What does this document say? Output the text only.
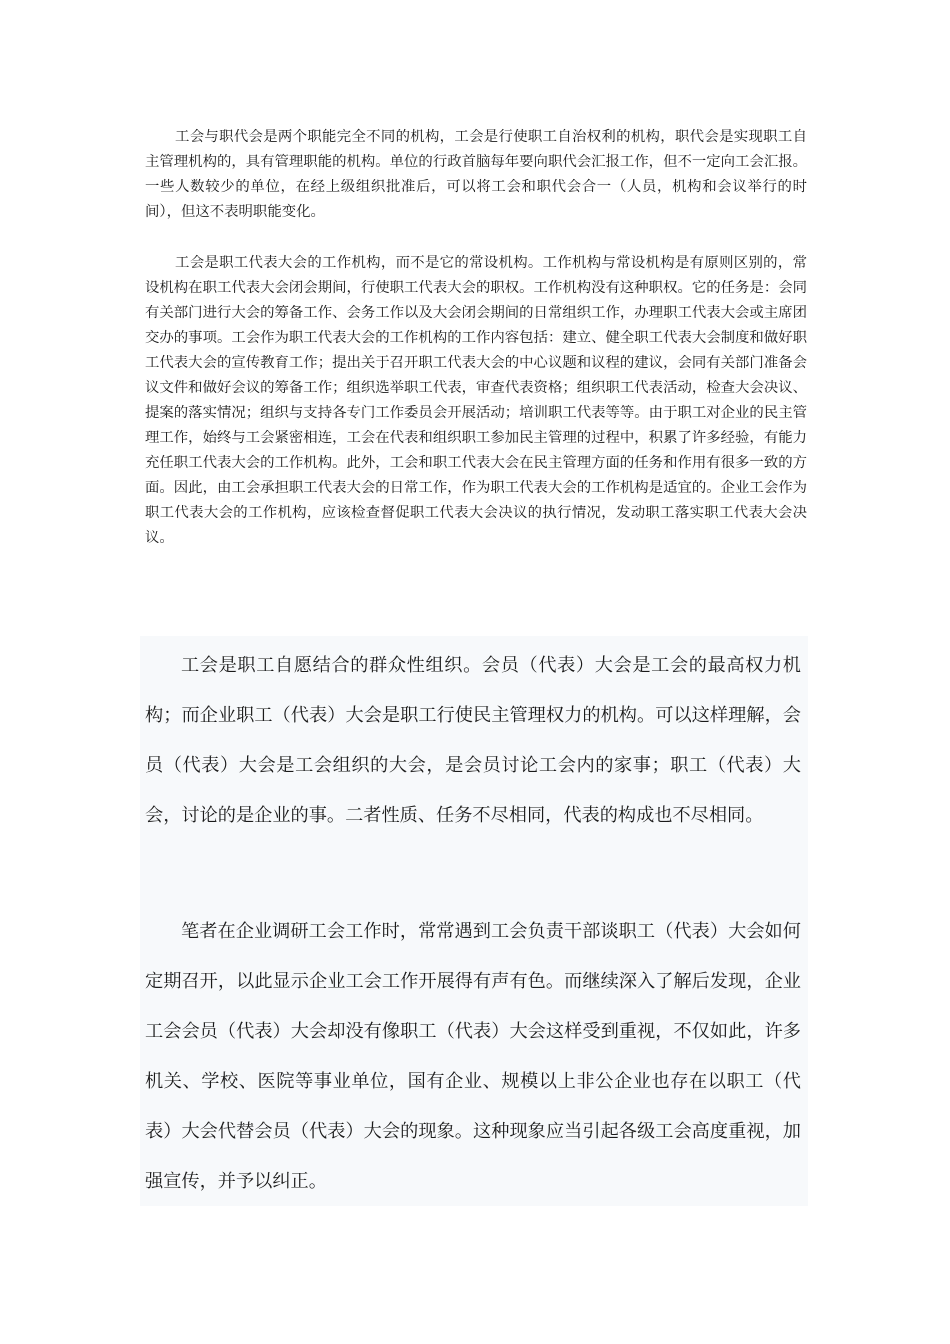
工会与职代会是两个职能完全不同的机构，工会是行使职工自治权利的机构，职代会是实现职工自主管理机构的，具有管理职能的机构。单位的行政首脑每年要向职代会汇报工作，但不一定向工会汇报。一些人数较少的单位，在经上级组织批准后，可以将工会和职代会合一（人员，机构和会议举行的时间），但这不表明职能变化。

工会是职工代表大会的工作机构，而不是它的常设机构。工作机构与常设机构是有原则区别的，常设机构在职工代表大会闭会期间，行使职工代表大会的职权。工作机构没有这种职权。它的任务是：会同有关部门进行大会的筹备工作、会务工作以及大会闭会期间的日常组织工作，办理职工代表大会或主席团交办的事项。工会作为职工代表大会的工作机构的工作内容包括：建立、健全职工代表大会制度和做好职工代表大会的宣传教育工作；提出关于召开职工代表大会的中心议题和议程的建议，会同有关部门准备会议文件和做好会议的筹备工作；组织选举职工代表，审查代表资格；组织职工代表活动，检查大会决议、提案的落实情况；组织与支持各专门工作委员会开展活动；培训职工代表等等。由于职工对企业的民主管理工作，始终与工会紧密相连，工会在代表和组织职工参加民主管理的过程中，积累了许多经验，有能力充任职工代表大会的工作机构。此外，工会和职工代表大会在民主管理方面的任务和作用有很多一致的方面。因此，由工会承担职工代表大会的日常工作，作为职工代表大会的工作机构是适宜的。企业工会作为职工代表大会的工作机构，应该检查督促职工代表大会决议的执行情况，发动职工落实职工代表大会决议。

工会是职工自愿结合的群众性组织。会员（代表）大会是工会的最高权力机构；而企业职工（代表）大会是职工行使民主管理权力的机构。可以这样理解，会员（代表）大会是工会组织的大会，是会员讨论工会内的家事；职工（代表）大会，讨论的是企业的事。二者性质、任务不尽相同，代表的构成也不尽相同。

笔者在企业调研工会工作时，常常遇到工会负责干部谈职工（代表）大会如何定期召开，以此显示企业工会工作开展得有声有色。而继续深入了解后发现，企业工会会员（代表）大会却没有像职工（代表）大会这样受到重视，不仅如此，许多机关、学校、医院等事业单位，国有企业、规模以上非公企业也存在以职工（代表）大会代替会员（代表）大会的现象。这种现象应当引起各级工会高度重视，加强宣传，并予以纠正。
